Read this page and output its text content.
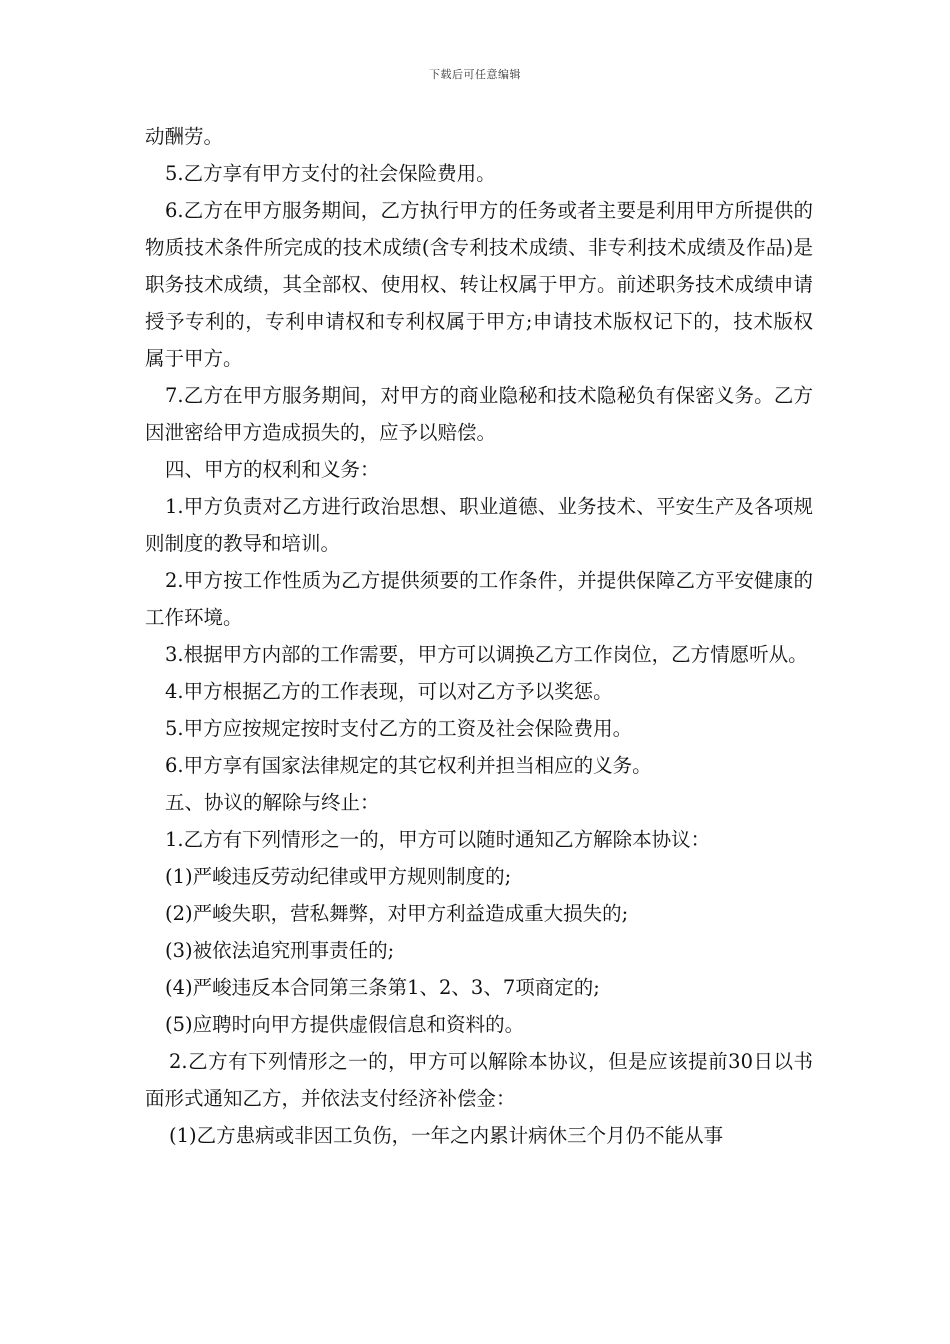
下载后可任意编辑

动酬劳。

5.乙方享有甲方支付的社会保险费用。

6.乙方在甲方服务期间，乙方执行甲方的任务或者主要是利用甲方所提供的物质技术条件所完成的技术成绩(含专利技术成绩、非专利技术成绩及作品)是职务技术成绩，其全部权、使用权、转让权属于甲方。前述职务技术成绩申请授予专利的，专利申请权和专利权属于甲方;申请技术版权记下的，技术版权属于甲方。

7.乙方在甲方服务期间，对甲方的商业隐秘和技术隐秘负有保密义务。乙方因泄密给甲方造成损失的，应予以赔偿。

四、甲方的权利和义务：

1.甲方负责对乙方进行政治思想、职业道德、业务技术、平安生产及各项规则制度的教导和培训。

2.甲方按工作性质为乙方提供须要的工作条件，并提供保障乙方平安健康的工作环境。

3.根据甲方内部的工作需要，甲方可以调换乙方工作岗位，乙方情愿听从。

4.甲方根据乙方的工作表现，可以对乙方予以奖惩。

5.甲方应按规定按时支付乙方的工资及社会保险费用。

6.甲方享有国家法律规定的其它权利并担当相应的义务。

五、协议的解除与终止：

1.乙方有下列情形之一的，甲方可以随时通知乙方解除本协议：

(1)严峻违反劳动纪律或甲方规则制度的;

(2)严峻失职，营私舞弊，对甲方利益造成重大损失的;

(3)被依法追究刑事责任的;

(4)严峻违反本合同第三条第1、2、3、7项商定的;

(5)应聘时向甲方提供虚假信息和资料的。

2.乙方有下列情形之一的，甲方可以解除本协议，但是应该提前30日以书面形式通知乙方，并依法支付经济补偿金：

(1)乙方患病或非因工负伤，一年之内累计病休三个月仍不能从事
